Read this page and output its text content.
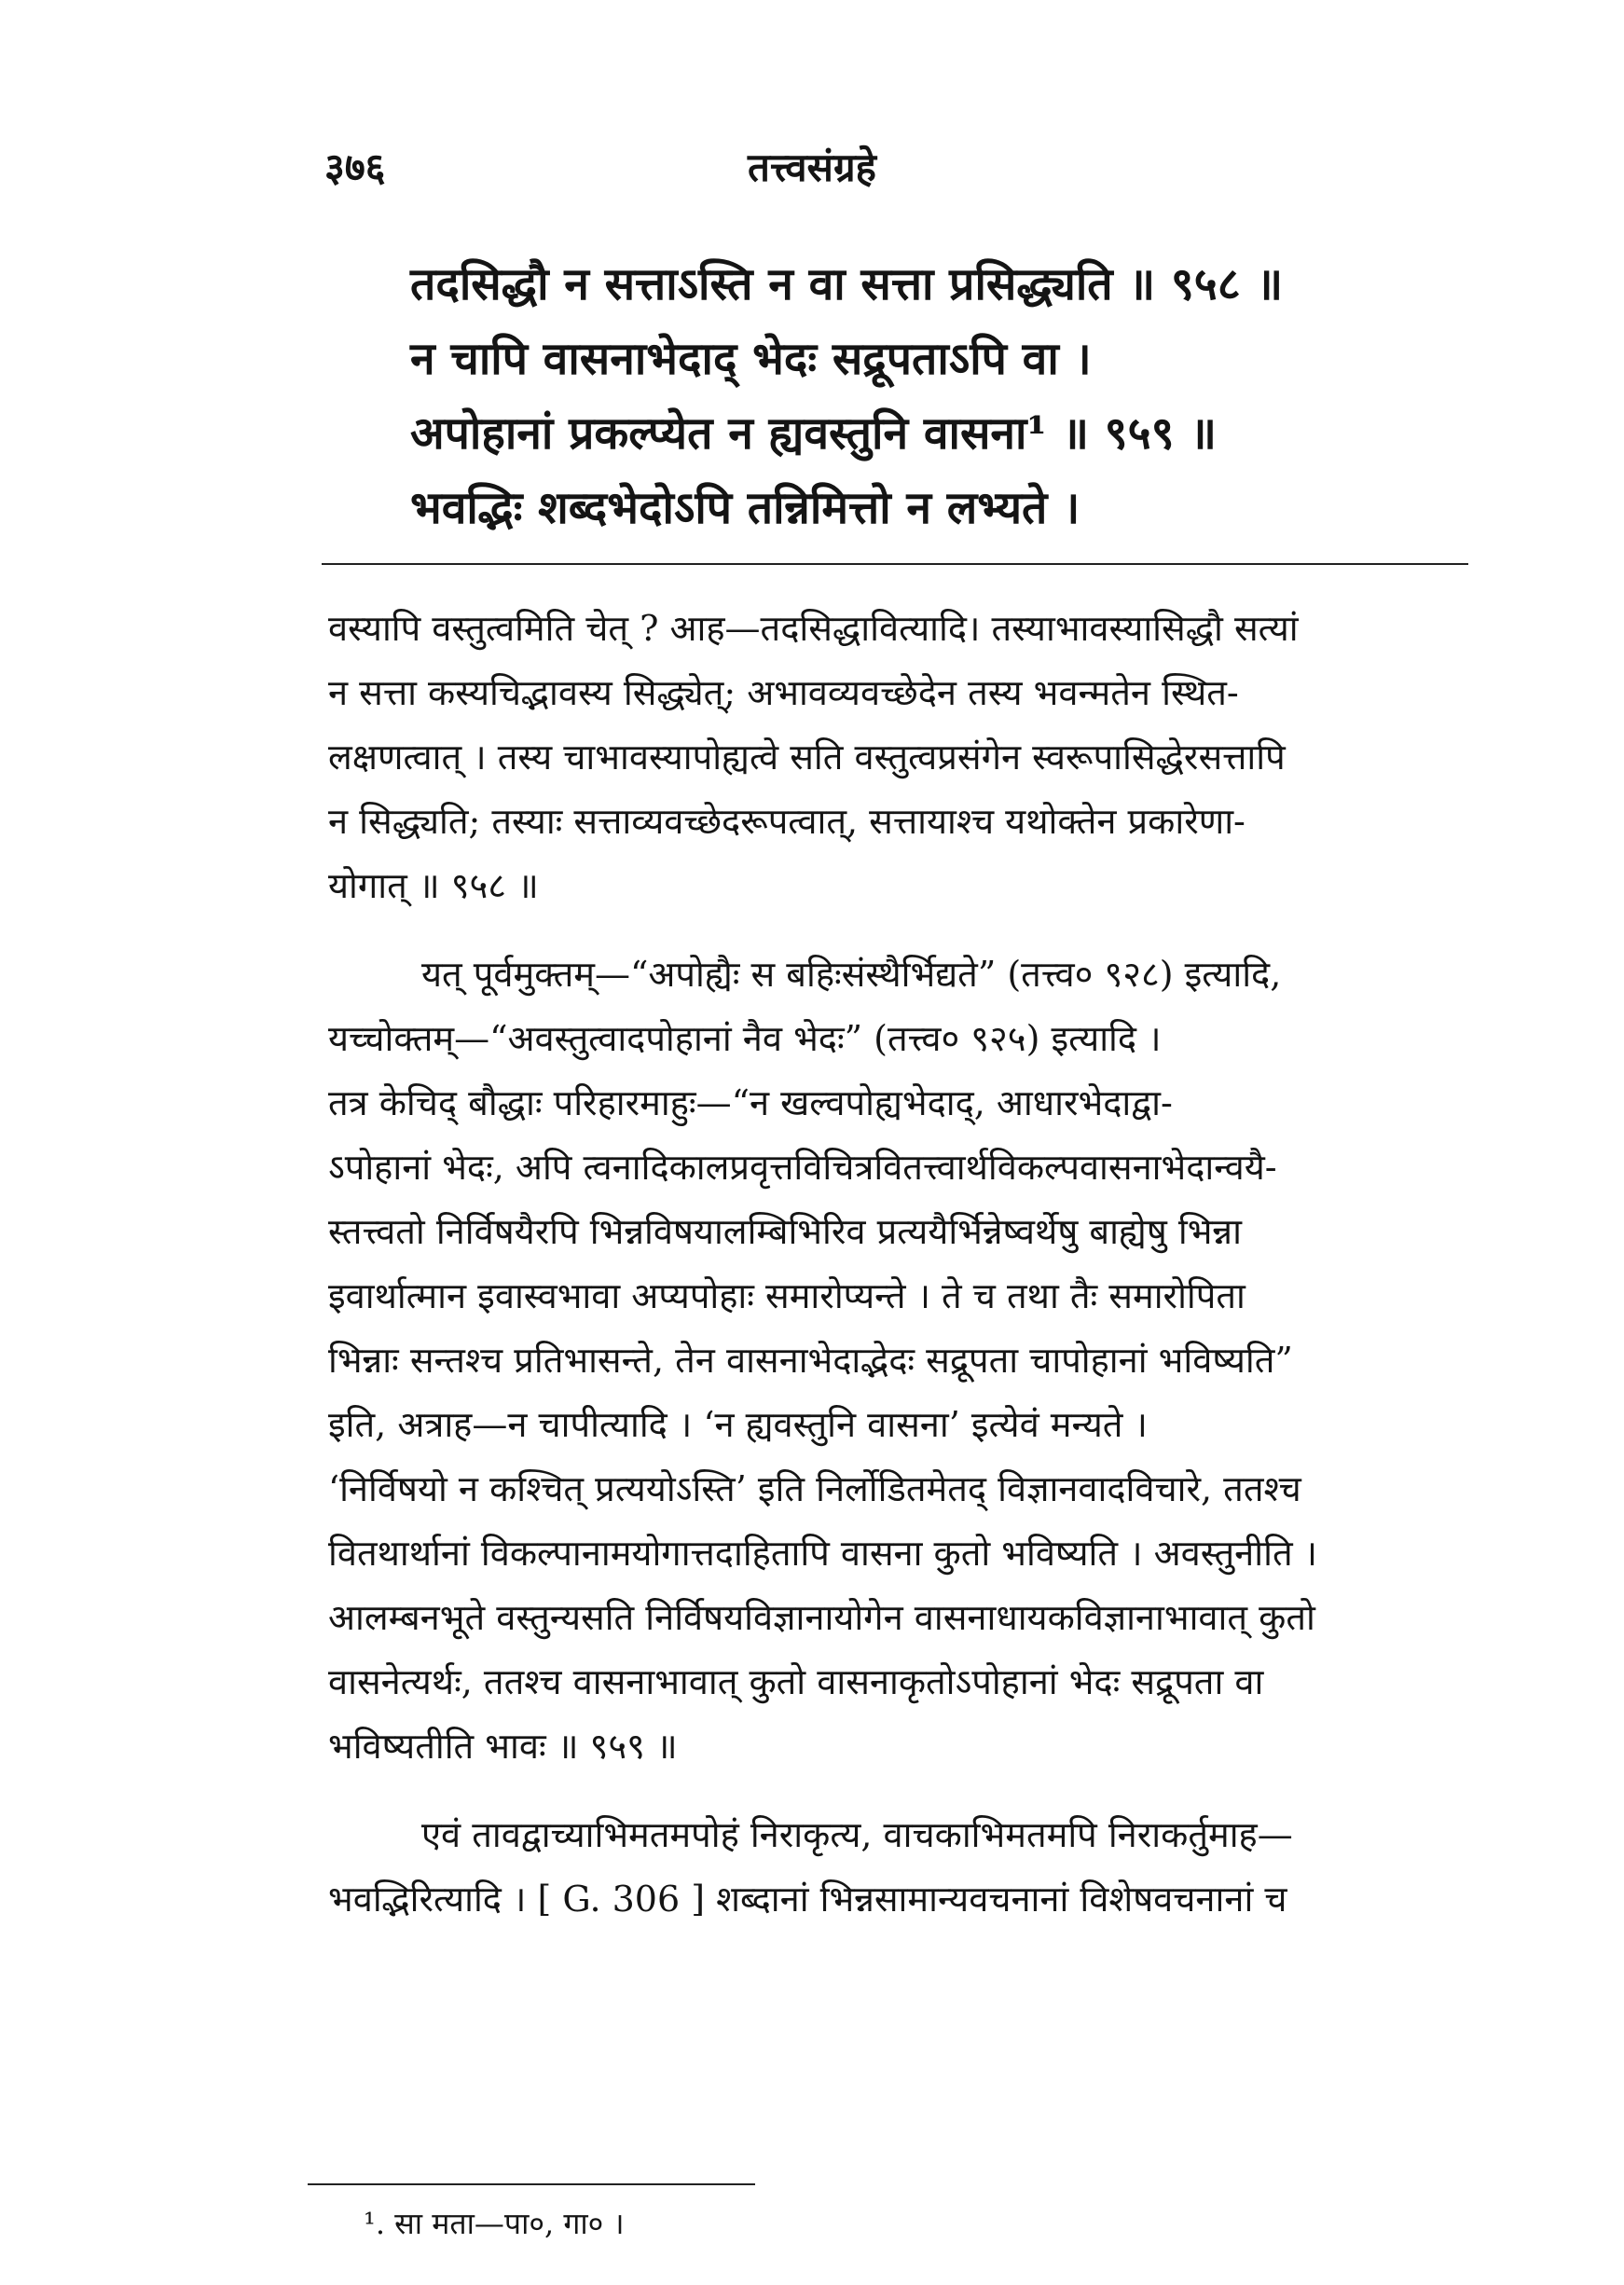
३७६	तत्त्वसंग्रहे
तदसिद्धौ न सत्ताऽस्ति न वा सत्ता प्रसिद्ध्यति ॥ ९५८ ॥
न चापि वासनाभेदाद् भेदः सद्रूपताऽपि वा ।
अपोहानां प्रकल्प्येत न ह्यवस्तुनि वासना¹ ॥ ९५९ ॥
भवद्भिः शब्दभेदोऽपि तन्निमित्तो न लभ्यते ।
वस्यापि वस्तुत्वमिति चेत् ? आह—तदसिद्धावित्यादि। तस्याभावस्यासिद्धौ सत्यां
न सत्ता कस्यचिद्भावस्य सिद्ध्येत्; अभावव्यवच्छेदेन तस्य भवन्मतेन स्थित-
लक्षणत्वात् । तस्य चाभावस्यापोह्यत्वे सति वस्तुत्वप्रसंगेन स्वरूपासिद्धेरसत्तापि
न सिद्ध्यति; तस्याः सत्ताव्यवच्छेदरूपत्वात्, सत्तायाश्च यथोक्तेन प्रकारेणा-
योगात् ॥ ९५८ ॥
यत् पूर्वमुक्तम्—“अपोह्यैः स बहिःसंस्थैर्भिद्यते” (तत्त्व० ९२८) इत्यादि,
यच्चोक्तम्—“अवस्तुत्वादपोहानां नैव भेदः” (तत्त्व० ९२५) इत्यादि ।
तत्र केचिद् बौद्धाः परिहारमाहुः—“न खल्वपोह्यभेदाद्, आधारभेदाद्वा-
ऽपोहानां भेदः, अपि त्वनादिकालप्रवृत्तविचित्रवितत्त्वार्थविकल्पवासनाभेदान्वयै-
स्तत्त्वतो निर्विषयैरपि भिन्नविषयालम्बिभिरिव प्रत्ययैर्भिन्नेष्वर्थेषु बाह्येषु भिन्ना
इवार्थात्मान इवास्वभावा अप्यपोहाः समारोप्यन्ते । ते च तथा तैः समारोपिता
भिन्नाः सन्तश्च प्रतिभासन्ते, तेन वासनाभेदाद्भेदः सद्रूपता चापोहानां भविष्यति”
इति, अत्राह—न चापीत्यादि । ‘न ह्यवस्तुनि वासना’ इत्येवं मन्यते ।
‘निर्विषयो न कश्चित् प्रत्ययोऽस्ति’ इति निर्लोडितमेतद् विज्ञानवादविचारे, ततश्च
वितथार्थानां विकल्पानामयोगात्तदाहितापि वासना कुतो भविष्यति । अवस्तुनीति ।
आलम्बनभूते वस्तुन्यसति निर्विषयविज्ञानायोगेन वासनाधायकविज्ञानाभावात् कुतो
वासनेत्यर्थः, ततश्च वासनाभावात् कुतो वासनाकृतोऽपोहानां भेदः सद्रूपता वा
भविष्यतीति भावः ॥ ९५९ ॥
एवं तावद्वाच्याभिमतमपोहं निराकृत्य, वाचकाभिमतमपि निराकर्तुमाह—
भवद्भिरित्यादि । [ G. 306 ] शब्दानां भिन्नसामान्यवचनानां विशेषवचनानां च
¹. सा मता—पा०, गा० ।
